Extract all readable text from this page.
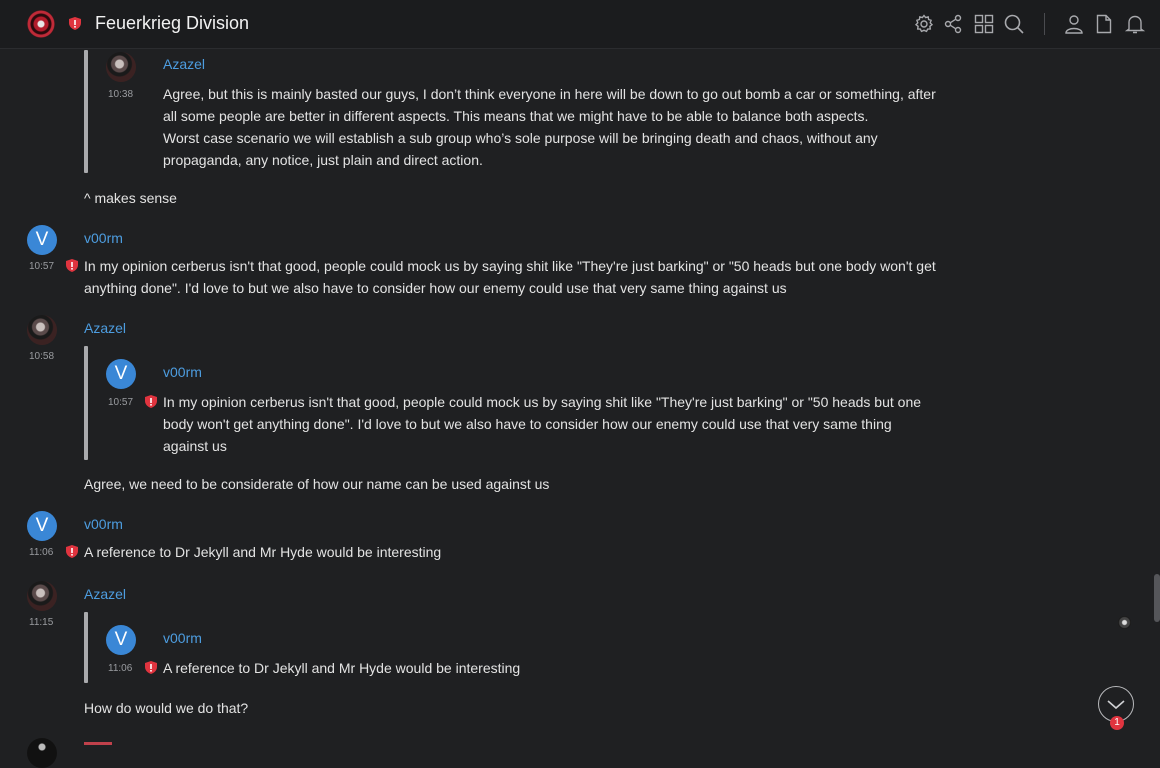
Feuerkrieg Division
Azazel
10:38 Agree, but this is mainly basted our guys, I don’t think everyone in here will be down to go out bomb a car or something, after
all some people are better in different aspects. This means that we might have to be able to balance both aspects.
Worst case scenario we will establish a sub group who’s sole purpose will be bringing death and chaos, without any
propaganda, any notice, just plain and direct action.
^ makes sense
V	v00rm
10:57 In my opinion cerberus isn't that good, people could mock us by saying shit like "They're just barking" or "50 heads but one body won't get
anything done". I'd love to but we also have to consider how our enemy could use that very same thing against us
Azazel
10:58
V	v00rm
10:57 In my opinion cerberus isn't that good, people could mock us by saying shit like "They're just barking" or "50 heads but one
body won't get anything done". I'd love to but we also have to consider how our enemy could use that very same thing
against us
Agree, we need to be considerate of how our name can be used against us
V	v00rm
11:06 A reference to Dr Jekyll and Mr Hyde would be interesting
Azazel
11:15
V	v00rm
11:06 A reference to Dr Jekyll and Mr Hyde would be interesting
How do would we do that?
1
